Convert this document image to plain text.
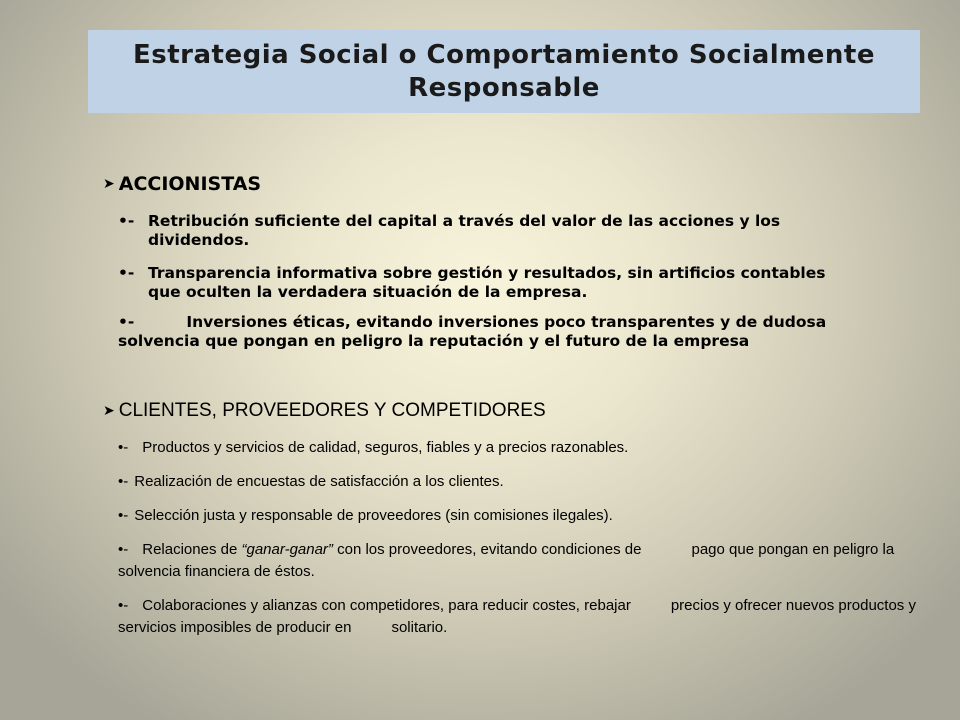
Estrategia Social o Comportamiento Socialmente Responsable
➤ ACCIONISTAS
•- Retribución suficiente del capital a través del valor de las acciones y los dividendos.
•- Transparencia informativa sobre gestión y resultados, sin artificios contables que oculten la verdadera situación de la empresa.
•-	Inversiones éticas, evitando inversiones poco transparentes y de dudosasolvencia que pongan en peligro la reputación y el futuro de la empresa
➤ CLIENTES, PROVEEDORES Y COMPETIDORES
•- Productos y servicios de calidad, seguros, fiables y a precios razonables.
•- Realización de encuestas de satisfacción a los clientes.
•- Selección justa y responsable de proveedores (sin comisiones ilegales).
•- Relaciones de “ganar-ganar” con los proveedores, evitando condiciones de	pago que pongan en peligro la solvencia financiera de éstos.
•- Colaboraciones y alianzas con competidores, para reducir costes, rebajar	precios y ofrecer nuevos productos y servicios imposibles de producir en	solitario.
